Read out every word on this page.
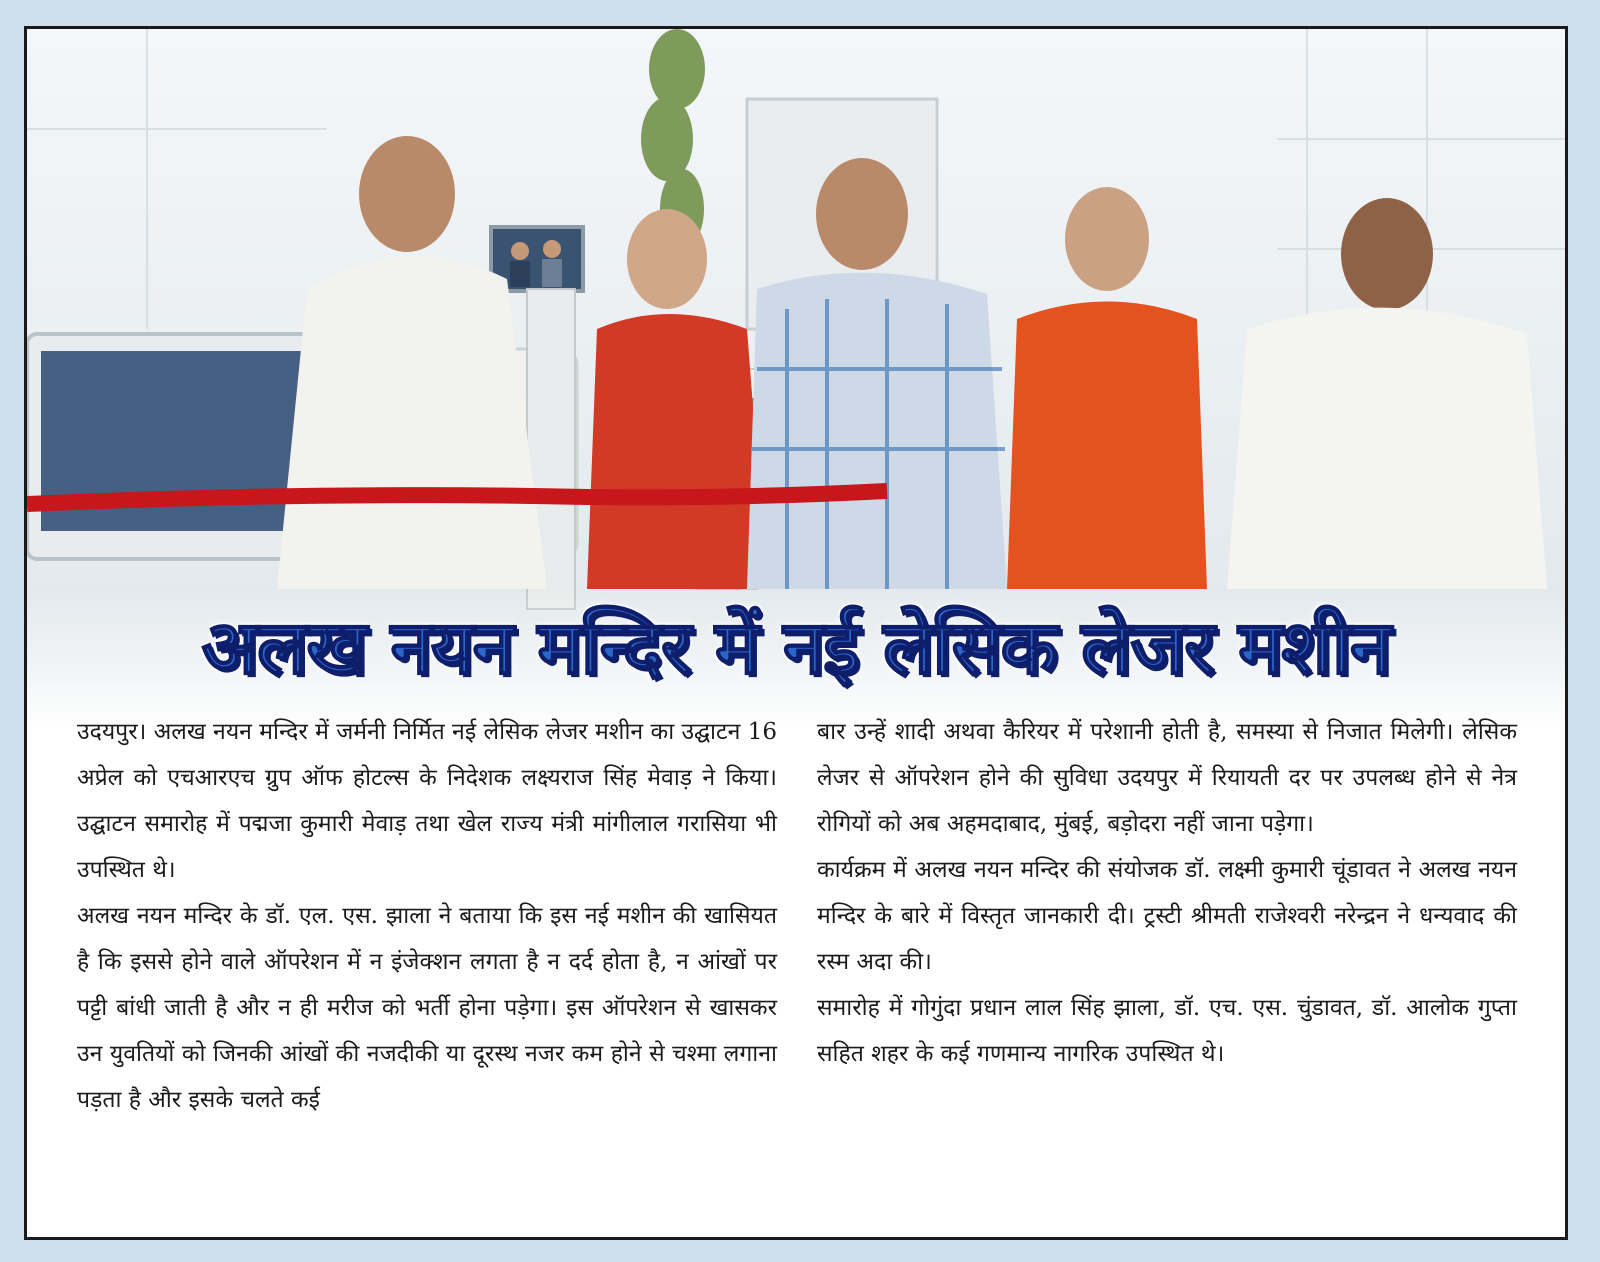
अलख नयन मन्दिर में नई लेसिक लेजर मशीन

उदयपुर। अलख नयन मन्दिर में जर्मनी निर्मित नई लेसिक लेजर मशीन का उद्घाटन 16 अप्रेल को एचआरएच ग्रुप ऑफ होटल्स के निदेशक लक्ष्यराज सिंह मेवाड़ ने किया। उद्घाटन समारोह में पद्मजा कुमारी मेवाड़ तथा खेल राज्य मंत्री मांगीलाल गरासिया भी उपस्थित थे।

अलख नयन मन्दिर के डॉ. एल. एस. झाला ने बताया कि इस नई मशीन की खासियत है कि इससे होने वाले ऑपरेशन में न इंजेक्शन लगता है न दर्द होता है, न आंखों पर पट्टी बांधी जाती है और न ही मरीज को भर्ती होना पड़ेगा। इस ऑपरेशन से खासकर उन युवतियों को जिनकी आंखों की नजदीकी या दूरस्थ नजर कम होने से चश्मा लगाना पड़ता है और इसके चलते कई

बार उन्हें शादी अथवा कैरियर में परेशानी होती है, समस्या से निजात मिलेगी। लेसिक लेजर से ऑपरेशन होने की सुविधा उदयपुर में रियायती दर पर उपलब्ध होने से नेत्र रोगियों को अब अहमदाबाद, मुंबई, बड़ोदरा नहीं जाना पड़ेगा।

कार्यक्रम में अलख नयन मन्दिर की संयोजक डॉ. लक्ष्मी कुमारी चूंडावत ने अलख नयन मन्दिर के बारे में विस्तृत जानकारी दी। ट्रस्टी श्रीमती राजेश्वरी नरेन्द्रन ने धन्यवाद की रस्म अदा की।

समारोह में गोगुंदा प्रधान लाल सिंह झाला, डॉ. एच. एस. चुंडावत, डॉ. आलोक गुप्ता सहित शहर के कई गणमान्य नागरिक उपस्थित थे।
